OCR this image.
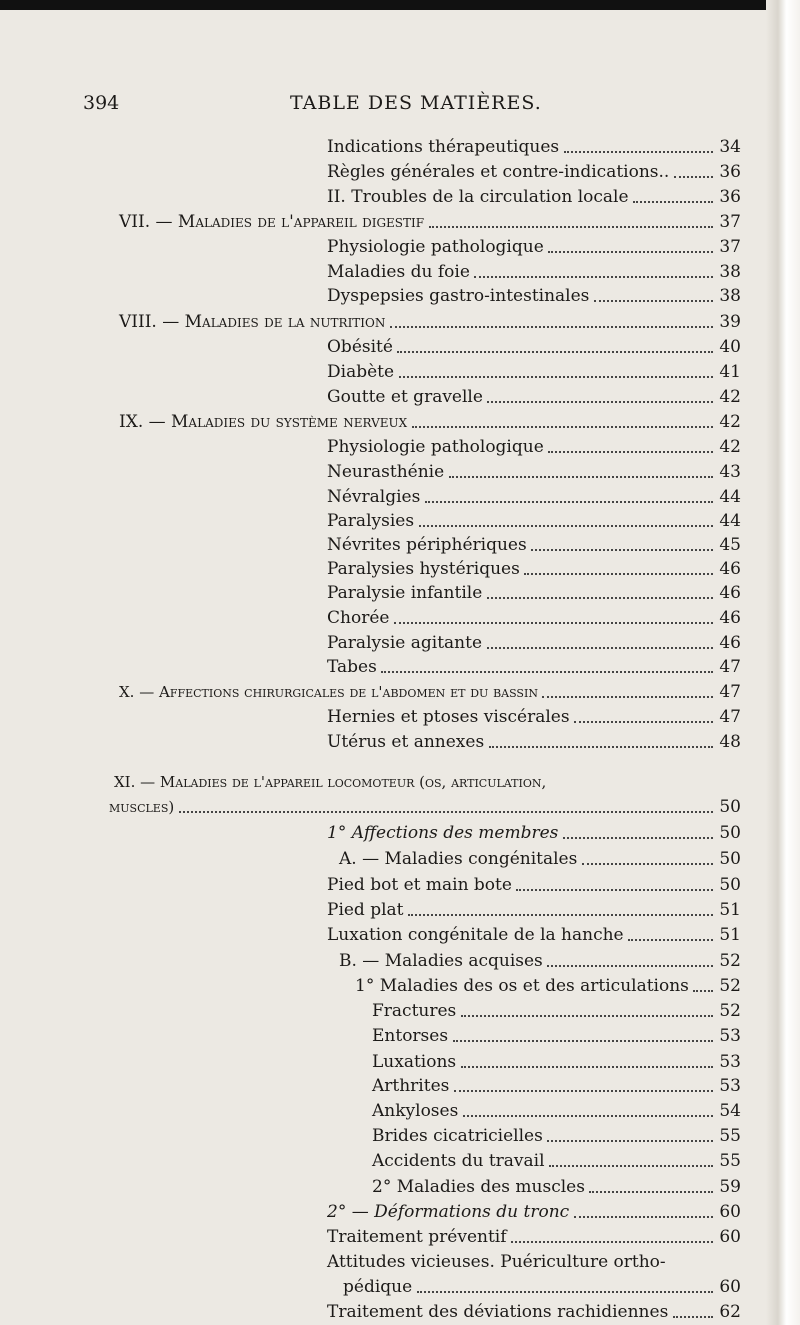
394	TABLE DES MATIÈRES.
Indications thérapeutiques	34
Règles générales et contre-indications..	36
II. Troubles de la circulation locale	36
VII. — Maladies de l'appareil digestif	37
Physiologie pathologique	37
Maladies du foie	38
Dyspepsies gastro-intestinales	38
VIII. — Maladies de la nutrition	39
Obésité	40
Diabète	41
Goutte et gravelle	42
IX. — Maladies du système nerveux	42
Physiologie pathologique	42
Neurasthénie	43
Névralgies	44
Paralysies	44
Névrites périphériques	45
Paralysies hystériques	46
Paralysie infantile	46
Chorée	46
Paralysie agitante	46
Tabes	47
X. — Affections chirurgicales de l'abdomen et du bassin	47
Hernies et ptoses viscérales	47
Utérus et annexes	48
XI. — Maladies de l'appareil locomoteur (os, articulation,
muscles)	50
1° Affections des membres	50
A. — Maladies congénitales	50
Pied bot et main bote	50
Pied plat	51
Luxation congénitale de la hanche	51
B. — Maladies acquises	52
1° Maladies des os et des articulations 52
Fractures	52
Entorses	53
Luxations	53
Arthrites	53
Ankyloses	54
Brides cicatricielles	55
Accidents du travail	55
2° Maladies des muscles	59
2° — Déformations du tronc	60
Traitement préventif	60
Attitudes vicieuses. Puériculture ortho-
pédique	60
Traitement des déviations rachidiennes	62
